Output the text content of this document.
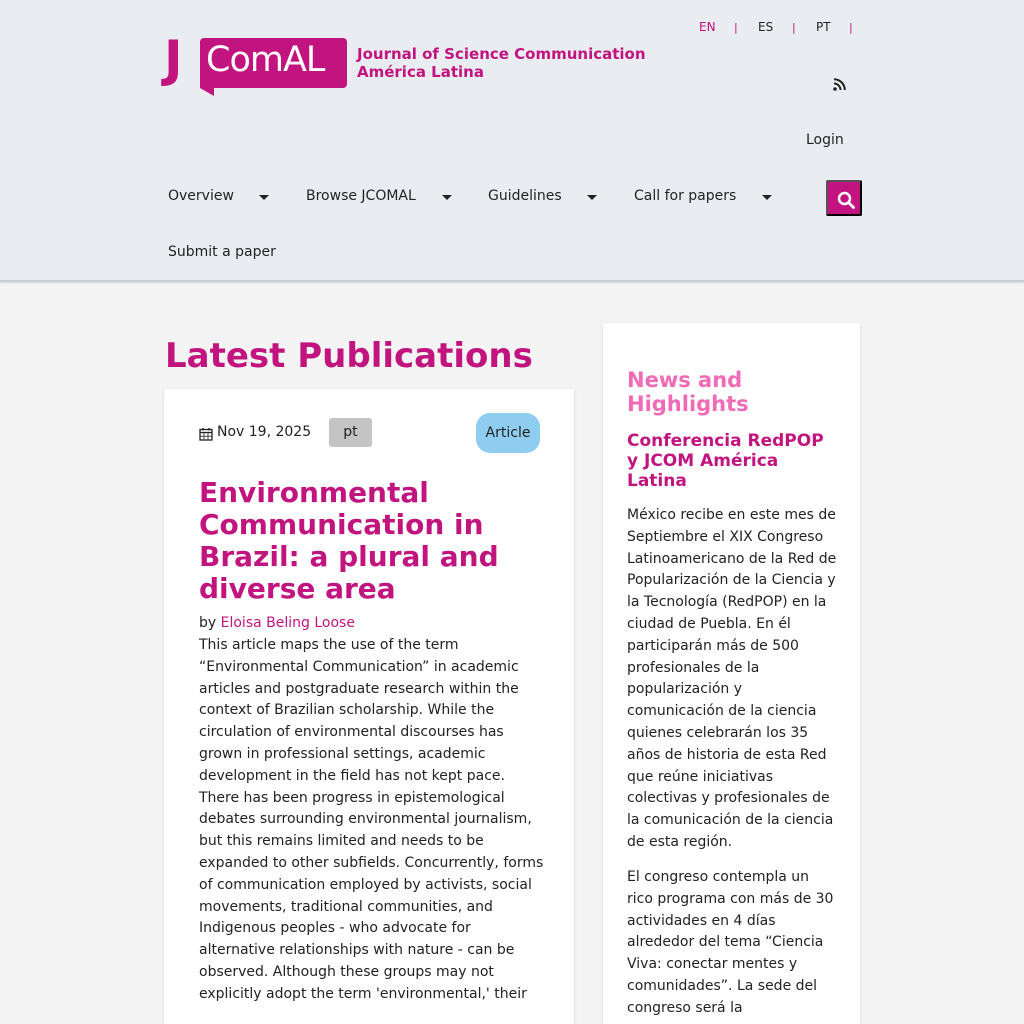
J ComAL Journal of Science Communication
América Latina
EN | ES | PT |
Login
Overview	Browse JCOMAL	Guidelines	Call for papers
Submit a paper
Latest Publications
Nov 19, 2025	pt	Article
Environmental Communication in Brazil: a plural and diverse area
by Eloisa Beling Loose

This article maps the use of the term “Environmental Communication” in academic articles and postgraduate research within the context of Brazilian scholarship. While the circulation of environmental discourses has grown in professional settings, academic development in the field has not kept pace. There has been progress in epistemological debates surrounding environmental journalism, but this remains limited and needs to be expanded to other subfields. Concurrently, forms of communication employed by activists, social movements, traditional communities, and Indigenous peoples - who advocate for alternative relationships with nature - can be observed. Although these groups may not explicitly adopt the term 'environmental,' their

News and Highlights
Conferencia RedPOP y JCOM América Latina

México recibe en este mes de Septiembre el XIX Congreso Latinoamericano de la Red de Popularización de la Ciencia y la Tecnología (RedPOP) en la ciudad de Puebla. En él participarán más de 500 profesionales de la popularización y comunicación de la ciencia quienes celebrarán los 35 años de historia de esta Red que reúne iniciativas colectivas y profesionales de la comunicación de la ciencia de esta región.

El congreso contempla un rico programa con más de 30 actividades en 4 días alrededor del tema “Ciencia Viva: conectar mentes y comunidades”. La sede del congreso será la
